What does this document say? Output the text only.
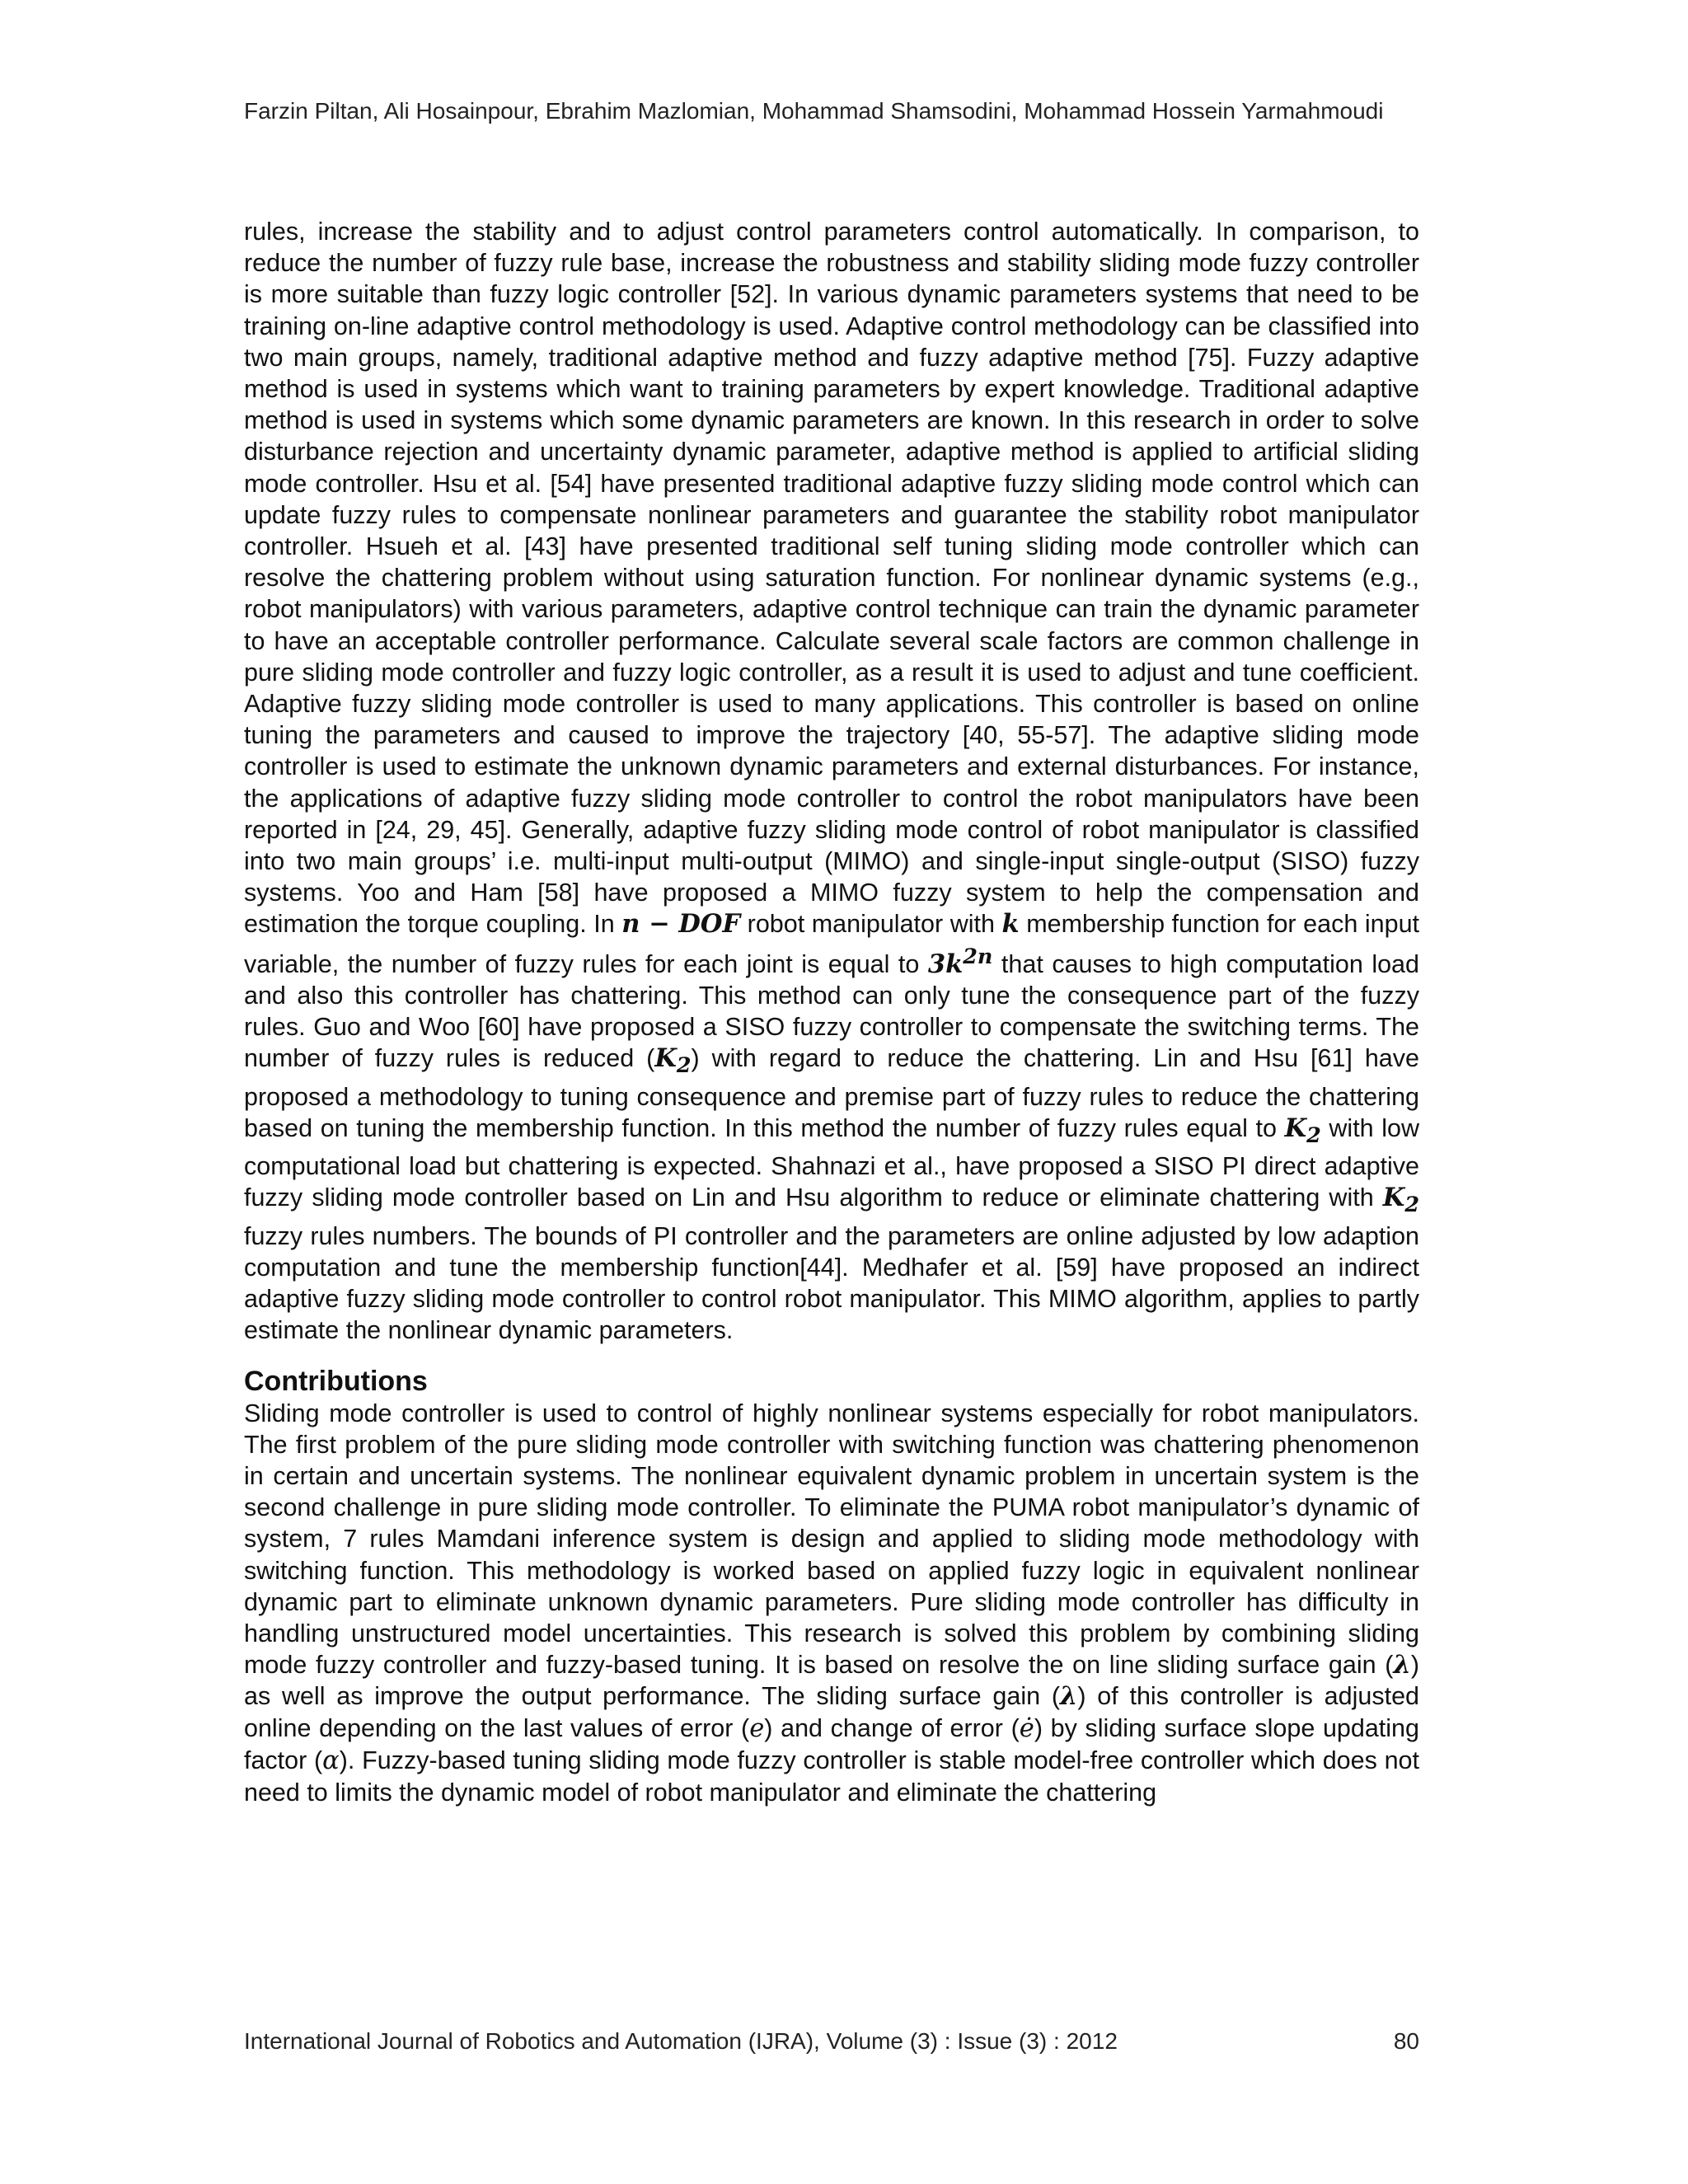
Farzin Piltan, Ali Hosainpour, Ebrahim Mazlomian, Mohammad Shamsodini, Mohammad Hossein Yarmahmoudi

rules, increase the stability and to adjust control parameters control automatically. In comparison, to reduce the number of fuzzy rule base, increase the robustness and stability sliding mode fuzzy controller is more suitable than fuzzy logic controller [52]. In various dynamic parameters systems that need to be training on-line adaptive control methodology is used. Adaptive control methodology can be classified into two main groups, namely, traditional adaptive method and fuzzy adaptive method [75]. Fuzzy adaptive method is used in systems which want to training parameters by expert knowledge. Traditional adaptive method is used in systems which some dynamic parameters are known. In this research in order to solve disturbance rejection and uncertainty dynamic parameter, adaptive method is applied to artificial sliding mode controller. Hsu et al. [54] have presented traditional adaptive fuzzy sliding mode control which can update fuzzy rules to compensate nonlinear parameters and guarantee the stability robot manipulator controller. Hsueh et al. [43] have presented traditional self tuning sliding mode controller which can resolve the chattering problem without using saturation function. For nonlinear dynamic systems (e.g., robot manipulators) with various parameters, adaptive control technique can train the dynamic parameter to have an acceptable controller performance. Calculate several scale factors are common challenge in pure sliding mode controller and fuzzy logic controller, as a result it is used to adjust and tune coefficient. Adaptive fuzzy sliding mode controller is used to many applications. This controller is based on online tuning the parameters and caused to improve the trajectory [40, 55-57]. The adaptive sliding mode controller is used to estimate the unknown dynamic parameters and external disturbances. For instance, the applications of adaptive fuzzy sliding mode controller to control the robot manipulators have been reported in [24, 29, 45]. Generally, adaptive fuzzy sliding mode control of robot manipulator is classified into two main groups’ i.e. multi-input multi-output (MIMO) and single-input single-output (SISO) fuzzy systems. Yoo and Ham [58] have proposed a MIMO fuzzy system to help the compensation and estimation the torque coupling. In n − DOF robot manipulator with k membership function for each input variable, the number of fuzzy rules for each joint is equal to $3k^{2n}$ that causes to high computation load and also this controller has chattering. This method can only tune the consequence part of the fuzzy rules. Guo and Woo [60] have proposed a SISO fuzzy controller to compensate the switching terms. The number of fuzzy rules is reduced $(K_2)$ with regard to reduce the chattering. Lin and Hsu [61] have proposed a methodology to tuning consequence and premise part of fuzzy rules to reduce the chattering based on tuning the membership function. In this method the number of fuzzy rules equal to $K_2$ with low computational load but chattering is expected. Shahnazi et al., have proposed a SISO PI direct adaptive fuzzy sliding mode controller based on Lin and Hsu algorithm to reduce or eliminate chattering with $K_2$ fuzzy rules numbers. The bounds of PI controller and the parameters are online adjusted by low adaption computation and tune the membership function[44]. Medhafer et al. [59] have proposed an indirect adaptive fuzzy sliding mode controller to control robot manipulator. This MIMO algorithm, applies to partly estimate the nonlinear dynamic parameters.

Contributions

Sliding mode controller is used to control of highly nonlinear systems especially for robot manipulators. The first problem of the pure sliding mode controller with switching function was chattering phenomenon in certain and uncertain systems. The nonlinear equivalent dynamic problem in uncertain system is the second challenge in pure sliding mode controller. To eliminate the PUMA robot manipulator’s dynamic of system, 7 rules Mamdani inference system is design and applied to sliding mode methodology with switching function. This methodology is worked based on applied fuzzy logic in equivalent nonlinear dynamic part to eliminate unknown dynamic parameters. Pure sliding mode controller has difficulty in handling unstructured model uncertainties. This research is solved this problem by combining sliding mode fuzzy controller and fuzzy-based tuning. It is based on resolve the on line sliding surface gain (λ) as well as improve the output performance. The sliding surface gain (λ) of this controller is adjusted online depending on the last values of error (e) and change of error (ė) by sliding surface slope updating factor (α). Fuzzy-based tuning sliding mode fuzzy controller is stable model-free controller which does not need to limits the dynamic model of robot manipulator and eliminate the chattering

International Journal of Robotics and Automation (IJRA), Volume (3) : Issue (3) : 2012	80
